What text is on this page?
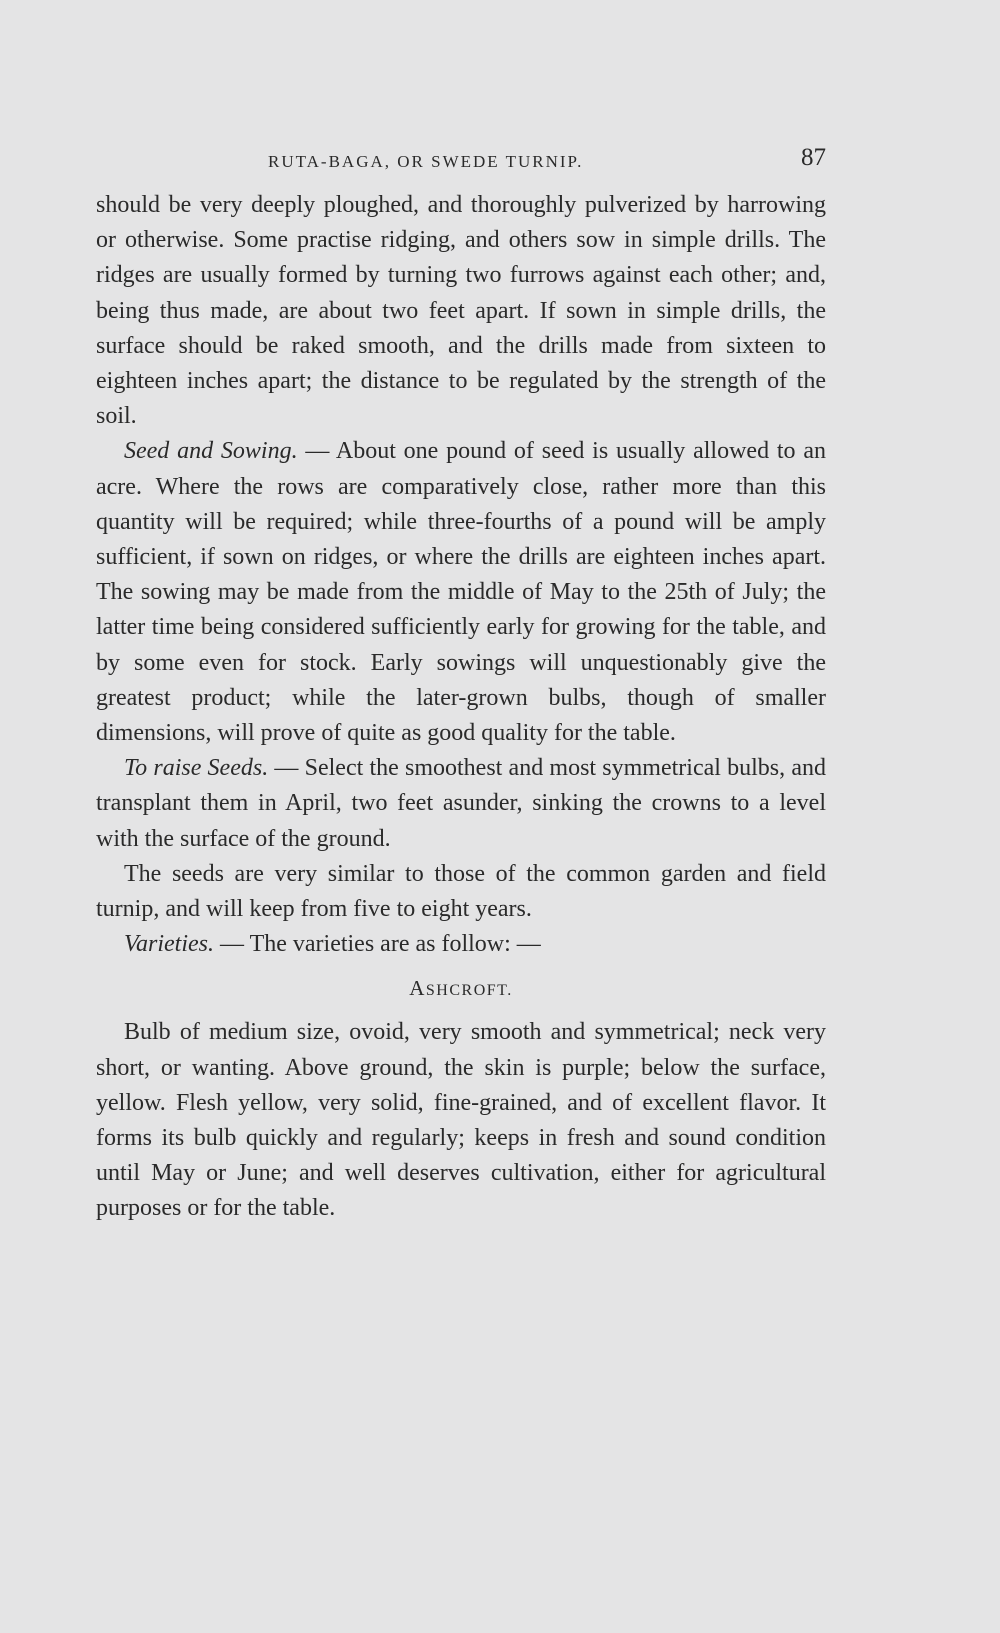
RUTA-BAGA, OR SWEDE TURNIP.	87

should be very deeply ploughed, and thoroughly pulverized by harrowing or otherwise. Some practise ridging, and others sow in simple drills. The ridges are usually formed by turning two furrows against each other; and, being thus made, are about two feet apart. If sown in simple drills, the surface should be raked smooth, and the drills made from sixteen to eighteen inches apart; the distance to be regulated by the strength of the soil.

Seed and Sowing. — About one pound of seed is usually allowed to an acre. Where the rows are comparatively close, rather more than this quantity will be required; while three-fourths of a pound will be amply sufficient, if sown on ridges, or where the drills are eighteen inches apart. The sowing may be made from the middle of May to the 25th of July; the latter time being considered sufficiently early for growing for the table, and by some even for stock. Early sowings will unquestionably give the greatest product; while the later-grown bulbs, though of smaller dimensions, will prove of quite as good quality for the table.

To raise Seeds. — Select the smoothest and most symmetrical bulbs, and transplant them in April, two feet asunder, sinking the crowns to a level with the surface of the ground.

The seeds are very similar to those of the common garden and field turnip, and will keep from five to eight years.

Varieties. — The varieties are as follow: —

ASHCROFT.

Bulb of medium size, ovoid, very smooth and symmetrical; neck very short, or wanting. Above ground, the skin is purple; below the surface, yellow. Flesh yellow, very solid, fine-grained, and of excellent flavor. It forms its bulb quickly and regularly; keeps in fresh and sound condition until May or June; and well deserves cultivation, either for agricultural purposes or for the table.
